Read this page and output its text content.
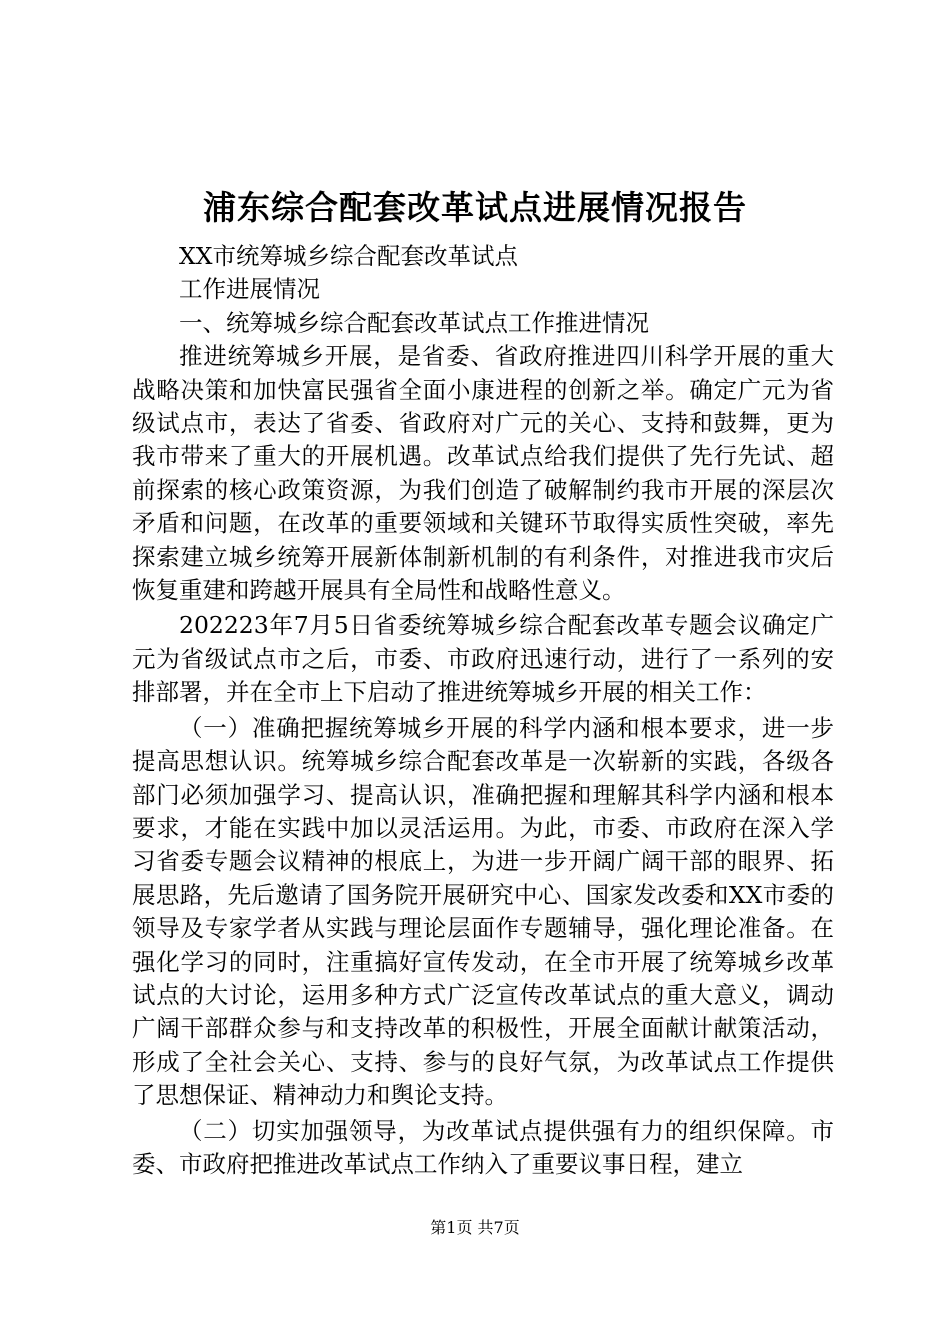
浦东综合配套改革试点进展情况报告

XX市统筹城乡综合配套改革试点

工作进展情况

一、统筹城乡综合配套改革试点工作推进情况

推进统筹城乡开展，是省委、省政府推进四川科学开展的重大战略决策和加快富民强省全面小康进程的创新之举。确定广元为省级试点市，表达了省委、省政府对广元的关心、支持和鼓舞，更为我市带来了重大的开展机遇。改革试点给我们提供了先行先试、超前探索的核心政策资源，为我们创造了破解制约我市开展的深层次矛盾和问题，在改革的重要领域和关键环节取得实质性突破，率先探索建立城乡统筹开展新体制新机制的有利条件，对推进我市灾后恢复重建和跨越开展具有全局性和战略性意义。

202223年7月5日省委统筹城乡综合配套改革专题会议确定广元为省级试点市之后，市委、市政府迅速行动，进行了一系列的安排部署，并在全市上下启动了推进统筹城乡开展的相关工作：

（一）准确把握统筹城乡开展的科学内涵和根本要求，进一步提高思想认识。统筹城乡综合配套改革是一次崭新的实践，各级各部门必须加强学习、提高认识，准确把握和理解其科学内涵和根本要求，才能在实践中加以灵活运用。为此，市委、市政府在深入学习省委专题会议精神的根底上，为进一步开阔广阔干部的眼界、拓展思路，先后邀请了国务院开展研究中心、国家发改委和XX市委的领导及专家学者从实践与理论层面作专题辅导，强化理论准备。在强化学习的同时，注重搞好宣传发动，在全市开展了统筹城乡改革试点的大讨论，运用多种方式广泛宣传改革试点的重大意义，调动广阔干部群众参与和支持改革的积极性，开展全面献计献策活动，形成了全社会关心、支持、参与的良好气氛，为改革试点工作提供了思想保证、精神动力和舆论支持。

（二）切实加强领导，为改革试点提供强有力的组织保障。市委、市政府把推进改革试点工作纳入了重要议事日程，建立

第1页 共7页
